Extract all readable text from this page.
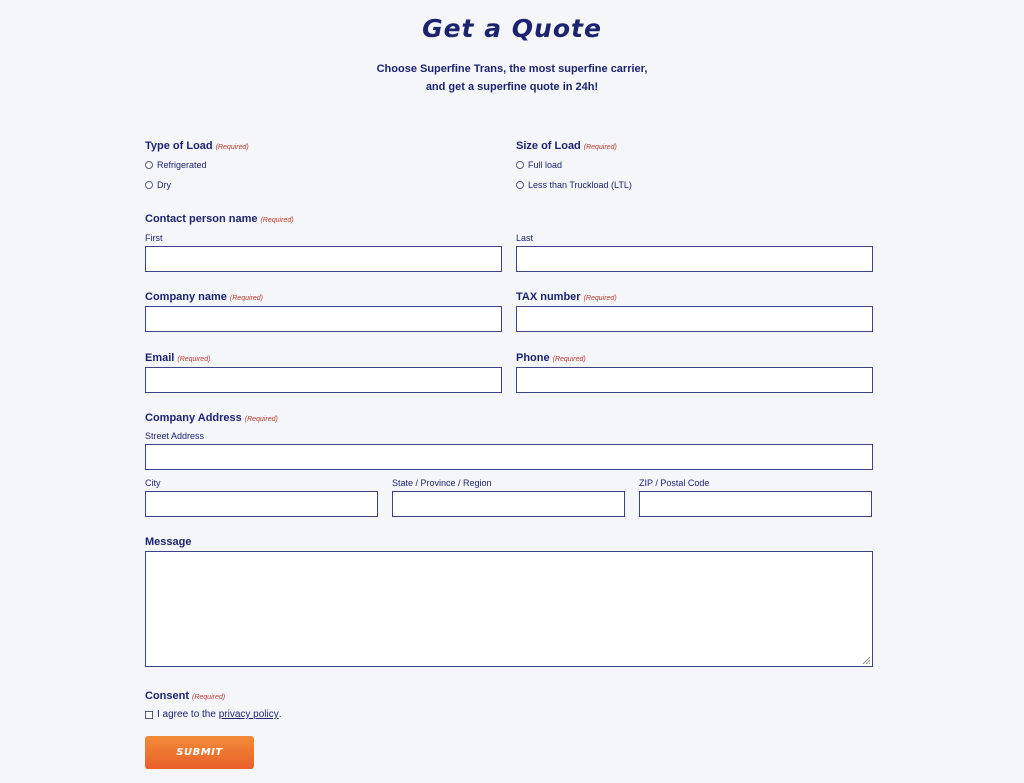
Get a Quote
Choose Superfine Trans, the most superfine carrier,
and get a superfine quote in 24h!
Type of Load (Required)
Refrigerated
Dry
Size of Load (Required)
Full load
Less than Truckload (LTL)
Contact person name (Required)
First	Last
Company name (Required)	TAX number (Required)
Email (Required)	Phone (Required)
Company Address (Required)
Street Address
City	State / Province / Region	ZIP / Postal Code
Message
Consent (Required)
I agree to the
privacy policy .
SUBMIT
